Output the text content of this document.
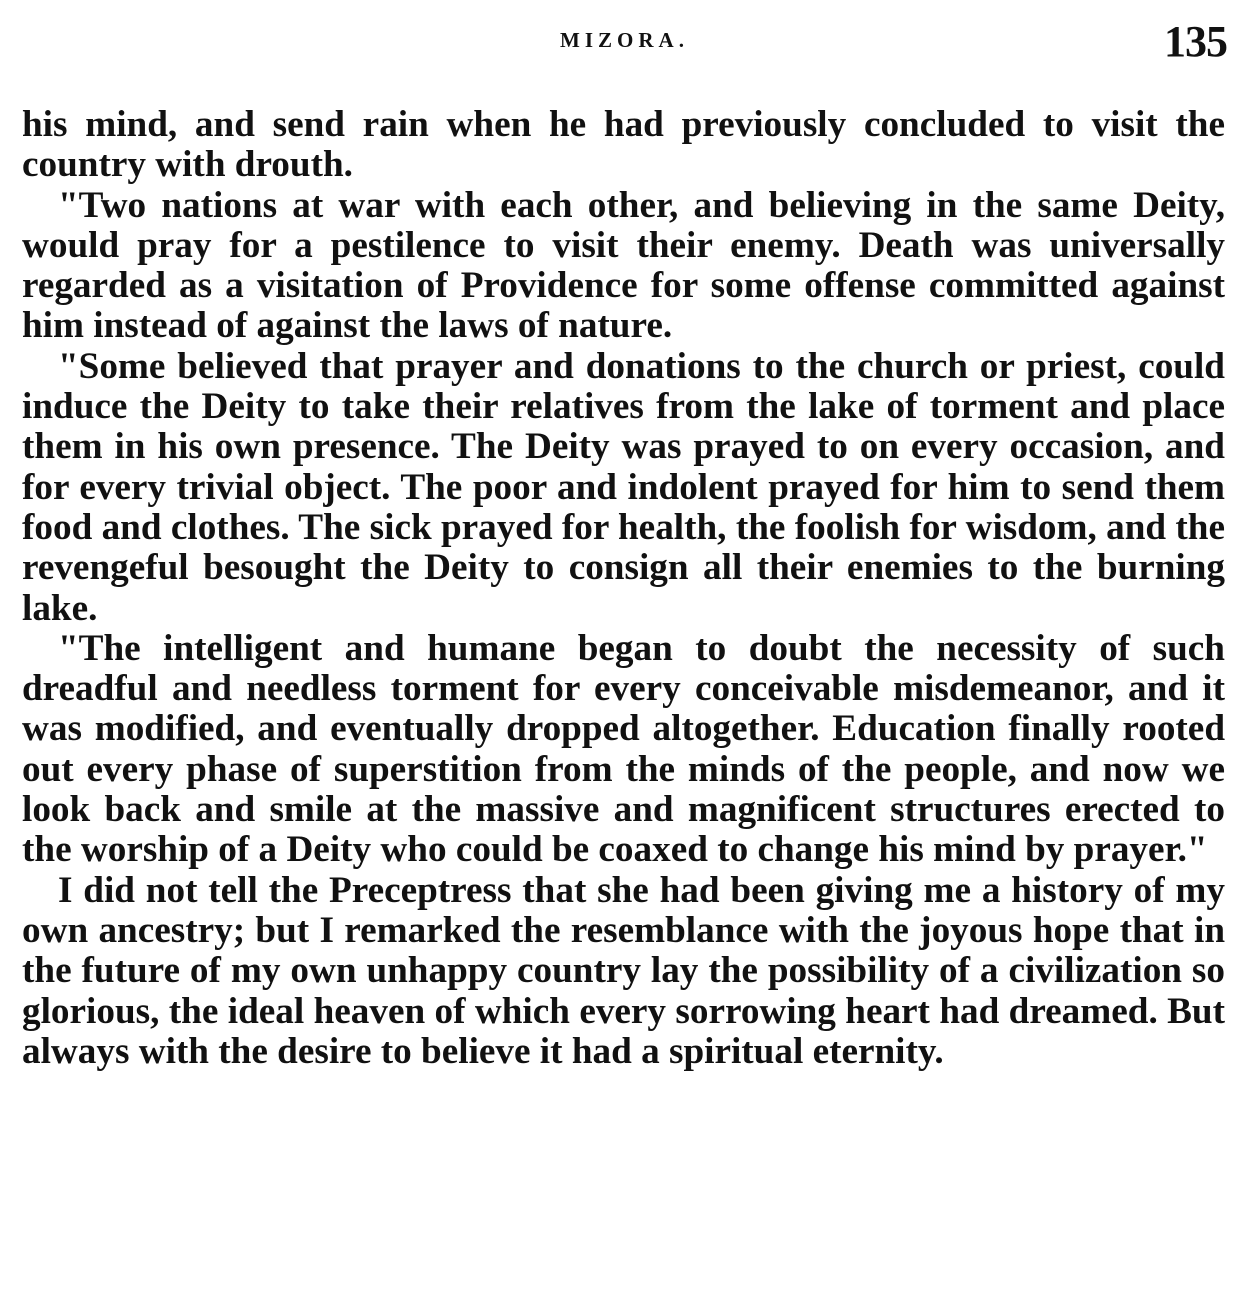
MIZORA.	135

his mind, and send rain when he had previously concluded to visit the country with drouth.

"Two nations at war with each other, and believing in the same Deity, would pray for a pestilence to visit their enemy. Death was universally regarded as a visitation of Providence for some offense committed against him instead of against the laws of nature.

"Some believed that prayer and donations to the church or priest, could induce the Deity to take their relatives from the lake of torment and place them in his own presence. The Deity was prayed to on every occasion, and for every trivial object. The poor and indolent prayed for him to send them food and clothes. The sick prayed for health, the foolish for wisdom, and the revengeful besought the Deity to consign all their enemies to the burning lake.

"The intelligent and humane began to doubt the necessity of such dreadful and needless torment for every conceivable misdemeanor, and it was modified, and eventually dropped altogether. Education finally rooted out every phase of superstition from the minds of the people, and now we look back and smile at the massive and magnificent structures erected to the worship of a Deity who could be coaxed to change his mind by prayer."

I did not tell the Preceptress that she had been giving me a history of my own ancestry; but I remarked the resemblance with the joyous hope that in the future of my own unhappy country lay the possibility of a civilization so glorious, the ideal heaven of which every sorrowing heart had dreamed. But always with the desire to believe it had a spiritual eternity.
